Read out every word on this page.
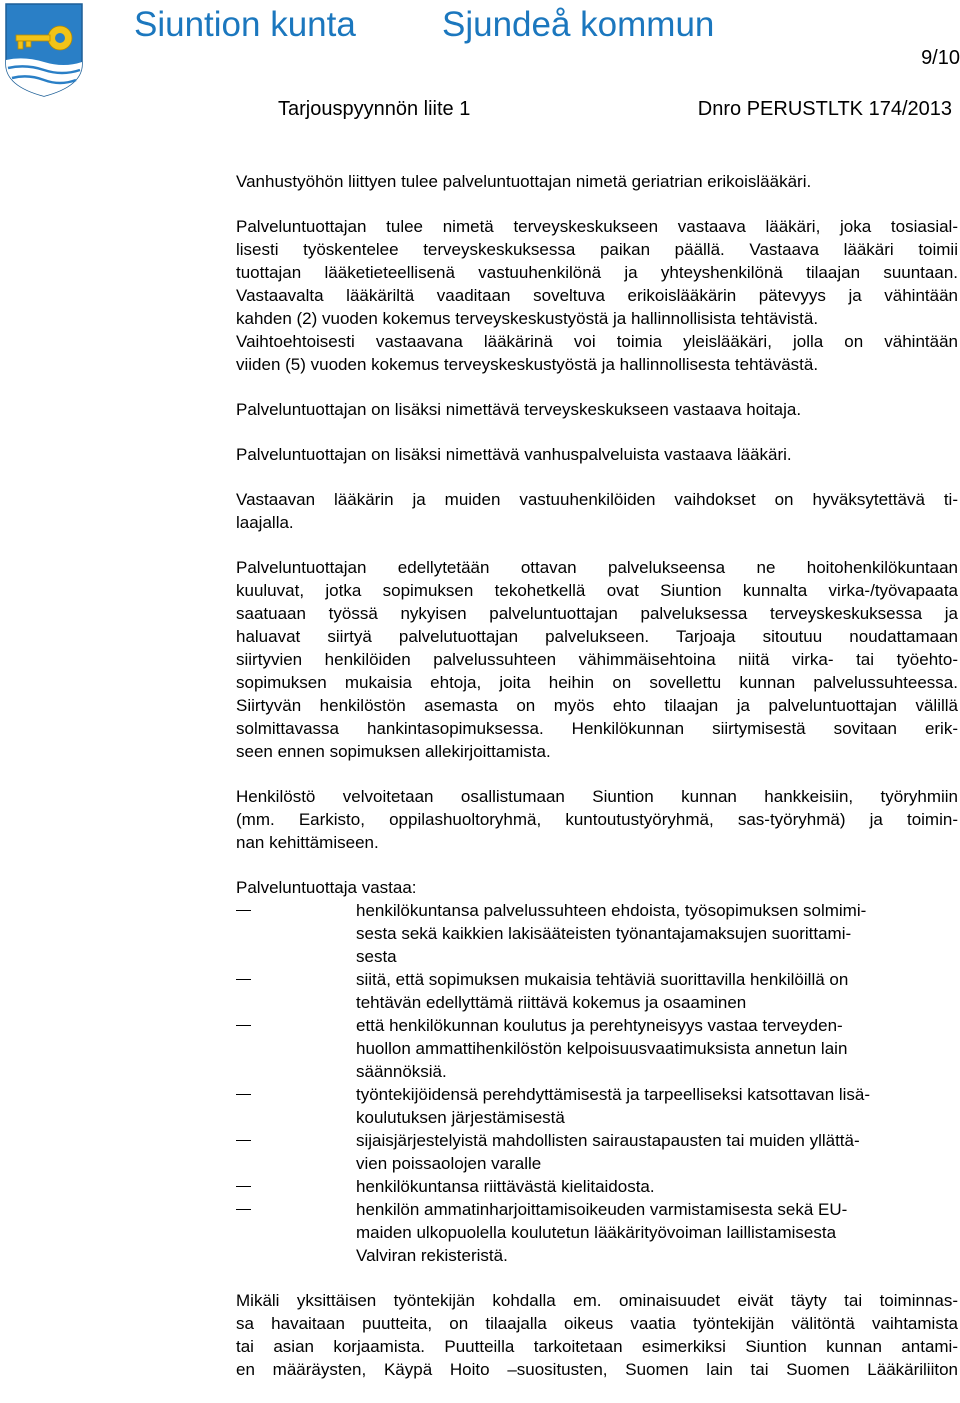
Siuntion kunta Sjundeå kommun
9/10
Tarjouspyynnön liite 1	Dnro PERUSTLTK 174/2013

Vanhustyöhön liittyen tulee palveluntuottajan nimetä geriatrian erikoislääkäri.

Palveluntuottajan tulee nimetä terveyskeskukseen vastaava lääkäri, joka tosiasial-
lisesti työskentelee terveyskeskuksessa paikan päällä. Vastaava lääkäri toimii
tuottajan lääketieteellisenä vastuuhenkilönä ja yhteyshenkilönä tilaajan suuntaan.
Vastaavalta lääkäriltä vaaditaan soveltuva erikoislääkärin pätevyys ja vähintään
kahden (2) vuoden kokemus terveyskeskustyöstä ja hallinnollisista tehtävistä.
Vaihtoehtoisesti vastaavana lääkärinä voi toimia yleislääkäri, jolla on vähintään
viiden (5) vuoden kokemus terveyskeskustyöstä ja hallinnollisesta tehtävästä.

Palveluntuottajan on lisäksi nimettävä terveyskeskukseen vastaava hoitaja.

Palveluntuottajan on lisäksi nimettävä vanhuspalveluista vastaava lääkäri.

Vastaavan lääkärin ja muiden vastuuhenkilöiden vaihdokset on hyväksytettävä ti-
laajalla.

Palveluntuottajan edellytetään ottavan palvelukseensa ne hoitohenkilökuntaan
kuuluvat, jotka sopimuksen tekohetkellä ovat Siuntion kunnalta virka-/työvapaata
saatuaan työssä nykyisen palveluntuottajan palveluksessa terveyskeskuksessa ja
haluavat siirtyä palvelutuottajan palvelukseen. Tarjoaja sitoutuu noudattamaan
siirtyvien henkilöiden palvelussuhteen vähimmäisehtoina niitä virka- tai työehto-
sopimuksen mukaisia ehtoja, joita heihin on sovellettu kunnan palvelussuhteessa.
Siirtyvän henkilöstön asemasta on myös ehto tilaajan ja palveluntuottajan välillä
solmittavassa hankintasopimuksessa. Henkilökunnan siirtymisestä sovitaan erik-
seen ennen sopimuksen allekirjoittamista.

Henkilöstö velvoitetaan osallistumaan Siuntion kunnan hankkeisiin, työryhmiin
(mm. Earkisto, oppilashuoltoryhmä, kuntoutustyöryhmä, sas-työryhmä) ja toimin-
nan kehittämiseen.

Palveluntuottaja vastaa:

henkilökuntansa palvelussuhteen ehdoista, työsopimuksen solmimi-
sesta sekä kaikkien lakisääteisten työnantajamaksujen suorittami-
sesta
siitä, että sopimuksen mukaisia tehtäviä suorittavilla henkilöillä on
tehtävän edellyttämä riittävä kokemus ja osaaminen
että henkilökunnan koulutus ja perehtyneisyys vastaa terveyden-
huollon ammattihenkilöstön kelpoisuusvaatimuksista annetun lain
säännöksiä.
työntekijöidensä perehdyttämisestä ja tarpeelliseksi katsottavan lisä-
koulutuksen järjestämisestä
sijaisjärjestelyistä mahdollisten sairaustapausten tai muiden yllättä-
vien poissaolojen varalle
henkilökuntansa riittävästä kielitaidosta.
henkilön ammatinharjoittamisoikeuden varmistamisesta sekä EU-
maiden ulkopuolella koulutetun lääkärityövoiman laillistamisesta
Valviran rekisteristä.

Mikäli yksittäisen työntekijän kohdalla em. ominaisuudet eivät täyty tai toiminnas-
sa havaitaan puutteita, on tilaajalla oikeus vaatia työntekijän välitöntä vaihtamista
tai asian korjaamista. Puutteilla tarkoitetaan esimerkiksi Siuntion kunnan antami-
en määräysten, Käypä Hoito –suositusten, Suomen lain tai Suomen Lääkäriliiton
